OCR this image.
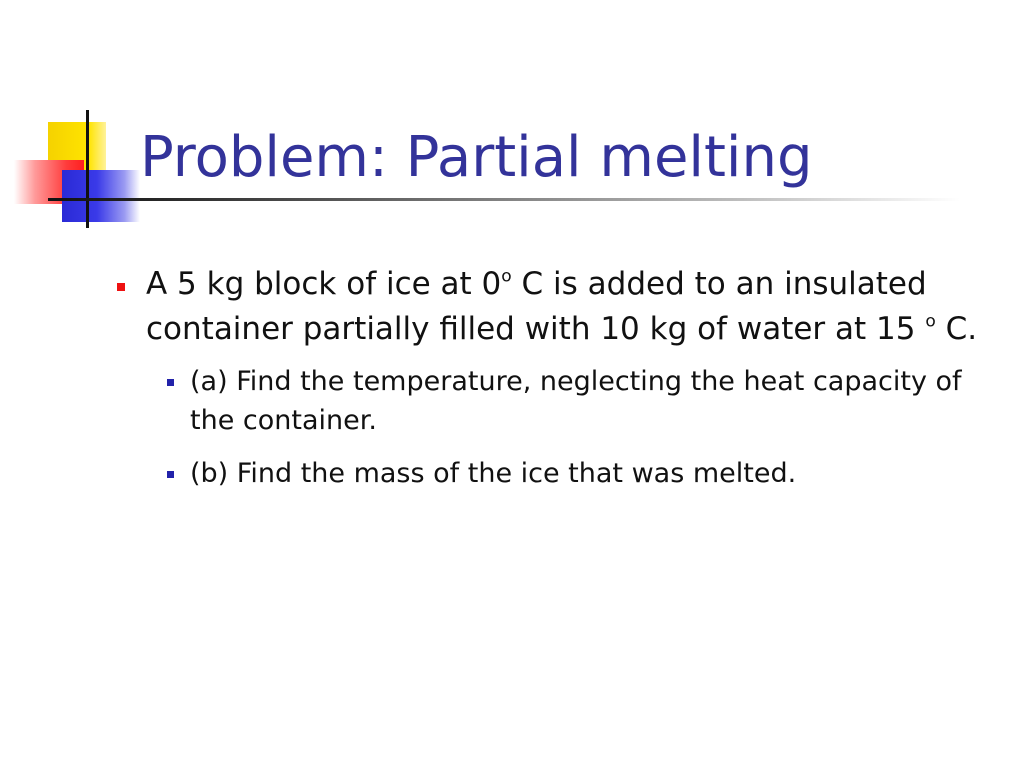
Problem: Partial melting
A 5 kg block of ice at 0$^o$ C is added to an insulated container partially filled with 10 kg of water at 15 $^o$ C.
(a) Find the temperature, neglecting the heat capacity of the container.
(b) Find the mass of the ice that was melted.
